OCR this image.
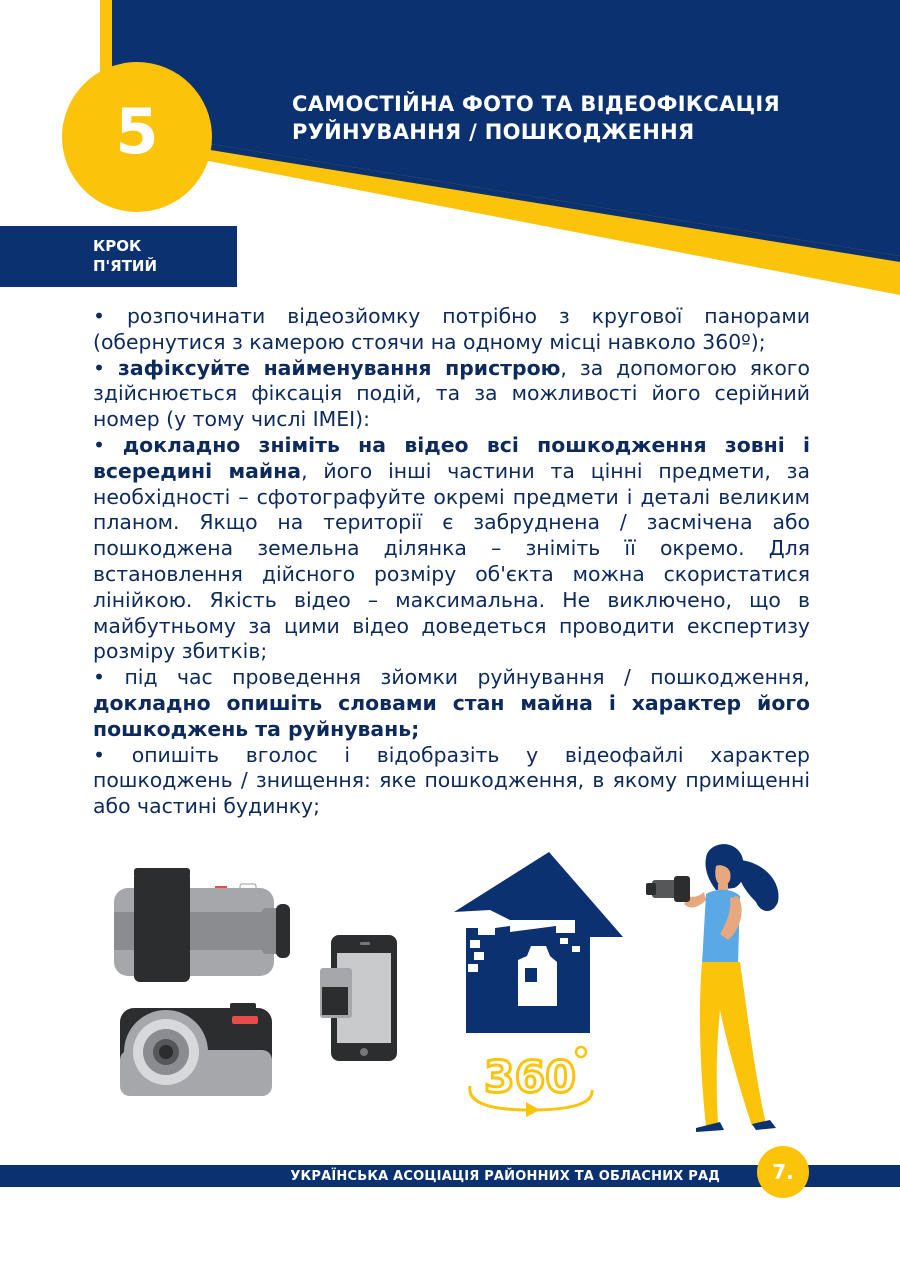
5	САМОСТІЙНА ФОТО ТА ВІДЕОФІКСАЦІЯ
РУЙНУВАННЯ / ПОШКОДЖЕННЯ
КРОК
П'ЯТИЙ

• розпочинати відеозйомку потрібно з кругової панорами (обернутися з камерою стоячи на одному місці навколо 360º);

• зафіксуйте найменування пристрою, за допомогою якого здійснюється фіксація подій, та за можливості його серійний номер (у тому числі IMEI):

• докладно зніміть на відео всі пошкодження зовні і всередині майна, його інші частини та цінні предмети, за необхідності – сфотографуйте окремі предмети і деталі великим планом. Якщо на території є забруднена / засмічена або пошкоджена земельна ділянка – зніміть її окремо. Для встановлення дійсного розміру об'єкта можна скористатися лінійкою. Якість відео – максимальна. Не виключено, що в майбутньому за цими відео доведеться проводити експертизу розміру збитків;

• під час проведення зйомки руйнування / пошкодження, докладно опишіть словами стан майна і характер його пошкоджень та руйнувань;

• опишіть вголос і відобразіть у відеофайлі характер пошкоджень / знищення: яке пошкодження, в якому приміщенні або частині будинку;

360
УКРАЇНСЬКА АСОЦІАЦІЯ РАЙОННИХ ТА ОБЛАСНИХ РАД	7.
